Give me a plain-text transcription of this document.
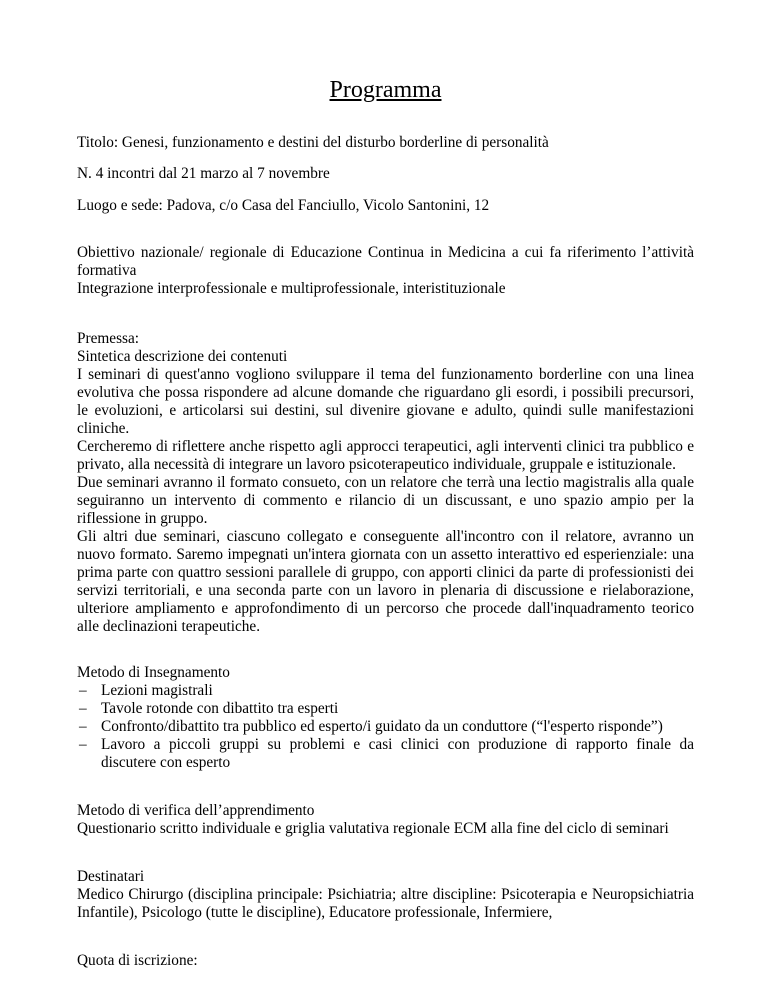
Programma
Titolo: Genesi, funzionamento e destini del disturbo borderline di personalità
N. 4 incontri dal 21 marzo al 7 novembre
Luogo e sede: Padova, c/o Casa del Fanciullo, Vicolo Santonini, 12
Obiettivo nazionale/ regionale di Educazione Continua in Medicina a cui fa riferimento l’attività
formativa
Integrazione interprofessionale e multiprofessionale, interistituzionale
Premessa:
Sintetica descrizione dei contenuti
I seminari di quest'anno vogliono sviluppare il tema del funzionamento borderline con una linea
evolutiva che possa rispondere ad alcune domande che riguardano gli esordi, i possibili precursori,
le evoluzioni, e articolarsi sui destini, sul divenire giovane e adulto, quindi sulle manifestazioni
cliniche.
Cercheremo di riflettere anche rispetto agli approcci terapeutici, agli interventi clinici tra pubblico e
privato, alla necessità di integrare un lavoro psicoterapeutico individuale, gruppale e istituzionale.
Due seminari avranno il formato consueto, con un relatore che terrà una lectio magistralis alla quale
seguiranno un intervento di commento e rilancio di un discussant, e uno spazio ampio per la
riflessione in gruppo.
Gli altri due seminari, ciascuno collegato e conseguente all'incontro con il relatore, avranno un
nuovo formato. Saremo impegnati un'intera giornata con un assetto interattivo ed esperienziale: una
prima parte con quattro sessioni parallele di gruppo, con apporti clinici da parte di professionisti dei
servizi territoriali, e una seconda parte con un lavoro in plenaria di discussione e rielaborazione,
ulteriore ampliamento e approfondimento di un percorso che procede dall'inquadramento teorico
alle declinazioni terapeutiche.
Metodo di Insegnamento
– Lezioni magistrali
– Tavole rotonde con dibattito tra esperti
– Confronto/dibattito tra pubblico ed esperto/i guidato da un conduttore (“l'esperto risponde”)
– Lavoro a piccoli gruppi su problemi e casi clinici con produzione di rapporto finale da
discutere con esperto
Metodo di verifica dell’apprendimento
Questionario scritto individuale e griglia valutativa regionale ECM alla fine del ciclo di seminari
Destinatari
Medico Chirurgo (disciplina principale: Psichiatria; altre discipline: Psicoterapia e Neuropsichiatria
Infantile), Psicologo (tutte le discipline), Educatore professionale, Infermiere,
Quota di iscrizione:
